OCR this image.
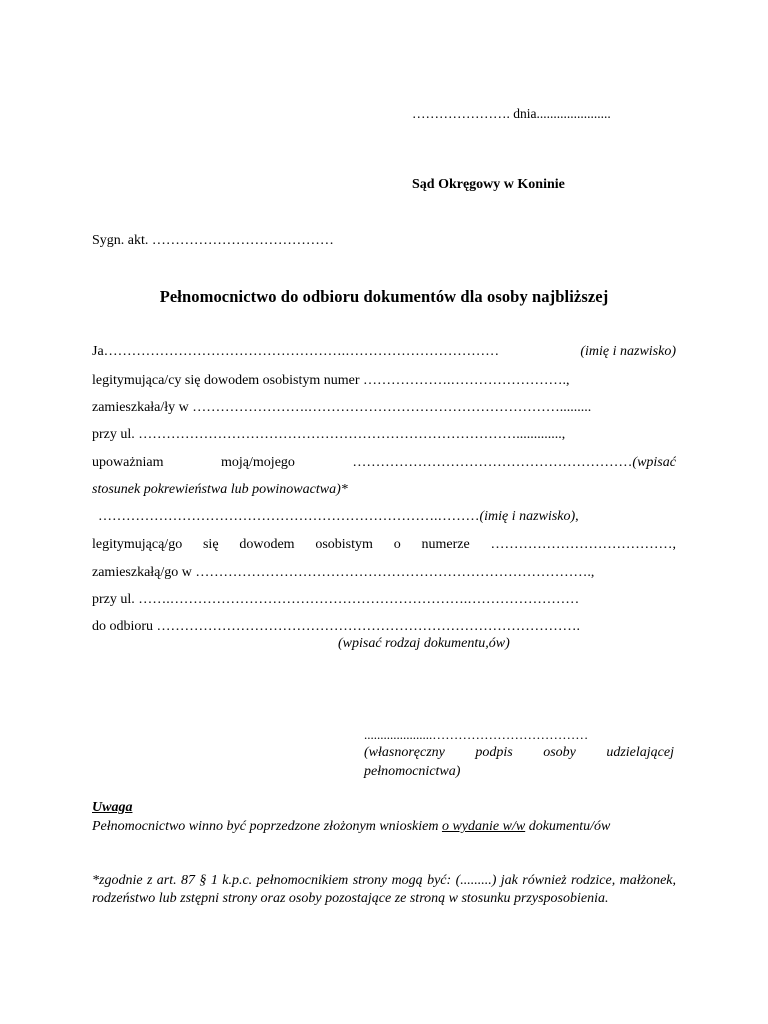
…………………. dnia......................
Sąd Okręgowy w Koninie
Sygn. akt. …………………………………
Pełnomocnictwo do odbioru dokumentów dla osoby najbliższej
Ja…………………………………………….……………………………	(imię i nazwisko)
legitymująca/cy się dowodem osobistym numer ……………….…………………….,
zamieszkała/ły w …………………….……………………………………………….........
przy ul. ……………………………………………………………………….............,
upoważniam	moją/mojego	……………………………………………………(wpisać
stosunek pokrewieństwa lub powinowactwa)*
……………………………………………………………….………(imię i nazwisko),
legitymującą/go się dowodem osobistym o numerze …………………………………,
zamieszkałą/go w ………………………………………………………………………….,
przy ul. …….……………………………………………………….……………………
do odbioru ……………………………………………………………………………….
(wpisać rodzaj dokumentu,ów)
.....................………………………………
(własnoręczny podpis osoby udzielającej pełnomocnictwa)
Uwaga
Pełnomocnictwo winno być poprzedzone złożonym wnioskiem o wydanie w/w dokumentu/ów
*zgodnie z art. 87 § 1 k.p.c. pełnomocnikiem strony mogą być: (.........) jak również rodzice, małżonek, rodzeństwo lub zstępni strony oraz osoby pozostające ze stroną w stosunku przysposobienia.
